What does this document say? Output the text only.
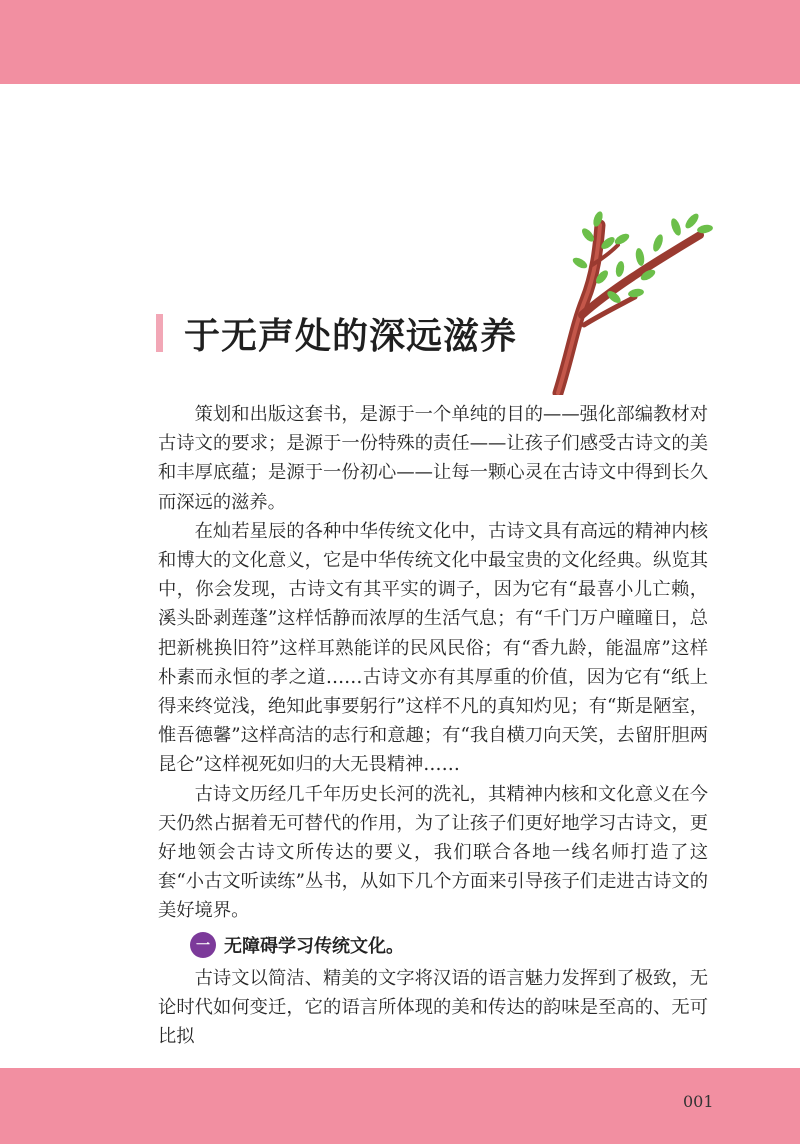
于无声处的深远滋养

策划和出版这套书，是源于一个单纯的目的——强化部编教材对古诗文的要求；是源于一份特殊的责任——让孩子们感受古诗文的美和丰厚底蕴；是源于一份初心——让每一颗心灵在古诗文中得到长久而深远的滋养。

在灿若星辰的各种中华传统文化中，古诗文具有高远的精神内核和博大的文化意义，它是中华传统文化中最宝贵的文化经典。纵览其中，你会发现，古诗文有其平实的调子，因为它有“最喜小儿亡赖，溪头卧剥莲蓬”这样恬静而浓厚的生活气息；有“千门万户曈曈日，总把新桃换旧符”这样耳熟能详的民风民俗；有“香九龄，能温席”这样朴素而永恒的孝之道……古诗文亦有其厚重的价值，因为它有“纸上得来终觉浅，绝知此事要躬行”这样不凡的真知灼见；有“斯是陋室，惟吾德馨”这样高洁的志行和意趣；有“我自横刀向天笑，去留肝胆两昆仑”这样视死如归的大无畏精神……

古诗文历经几千年历史长河的洗礼，其精神内核和文化意义在今天仍然占据着无可替代的作用，为了让孩子们更好地学习古诗文，更好地领会古诗文所传达的要义，我们联合各地一线名师打造了这套“小古文听读练”丛书，从如下几个方面来引导孩子们走进古诗文的美好境界。

一 无障碍学习传统文化。

古诗文以简洁、精美的文字将汉语的语言魅力发挥到了极致，无论时代如何变迁，它的语言所体现的美和传达的韵味是至高的、无可比拟

001
